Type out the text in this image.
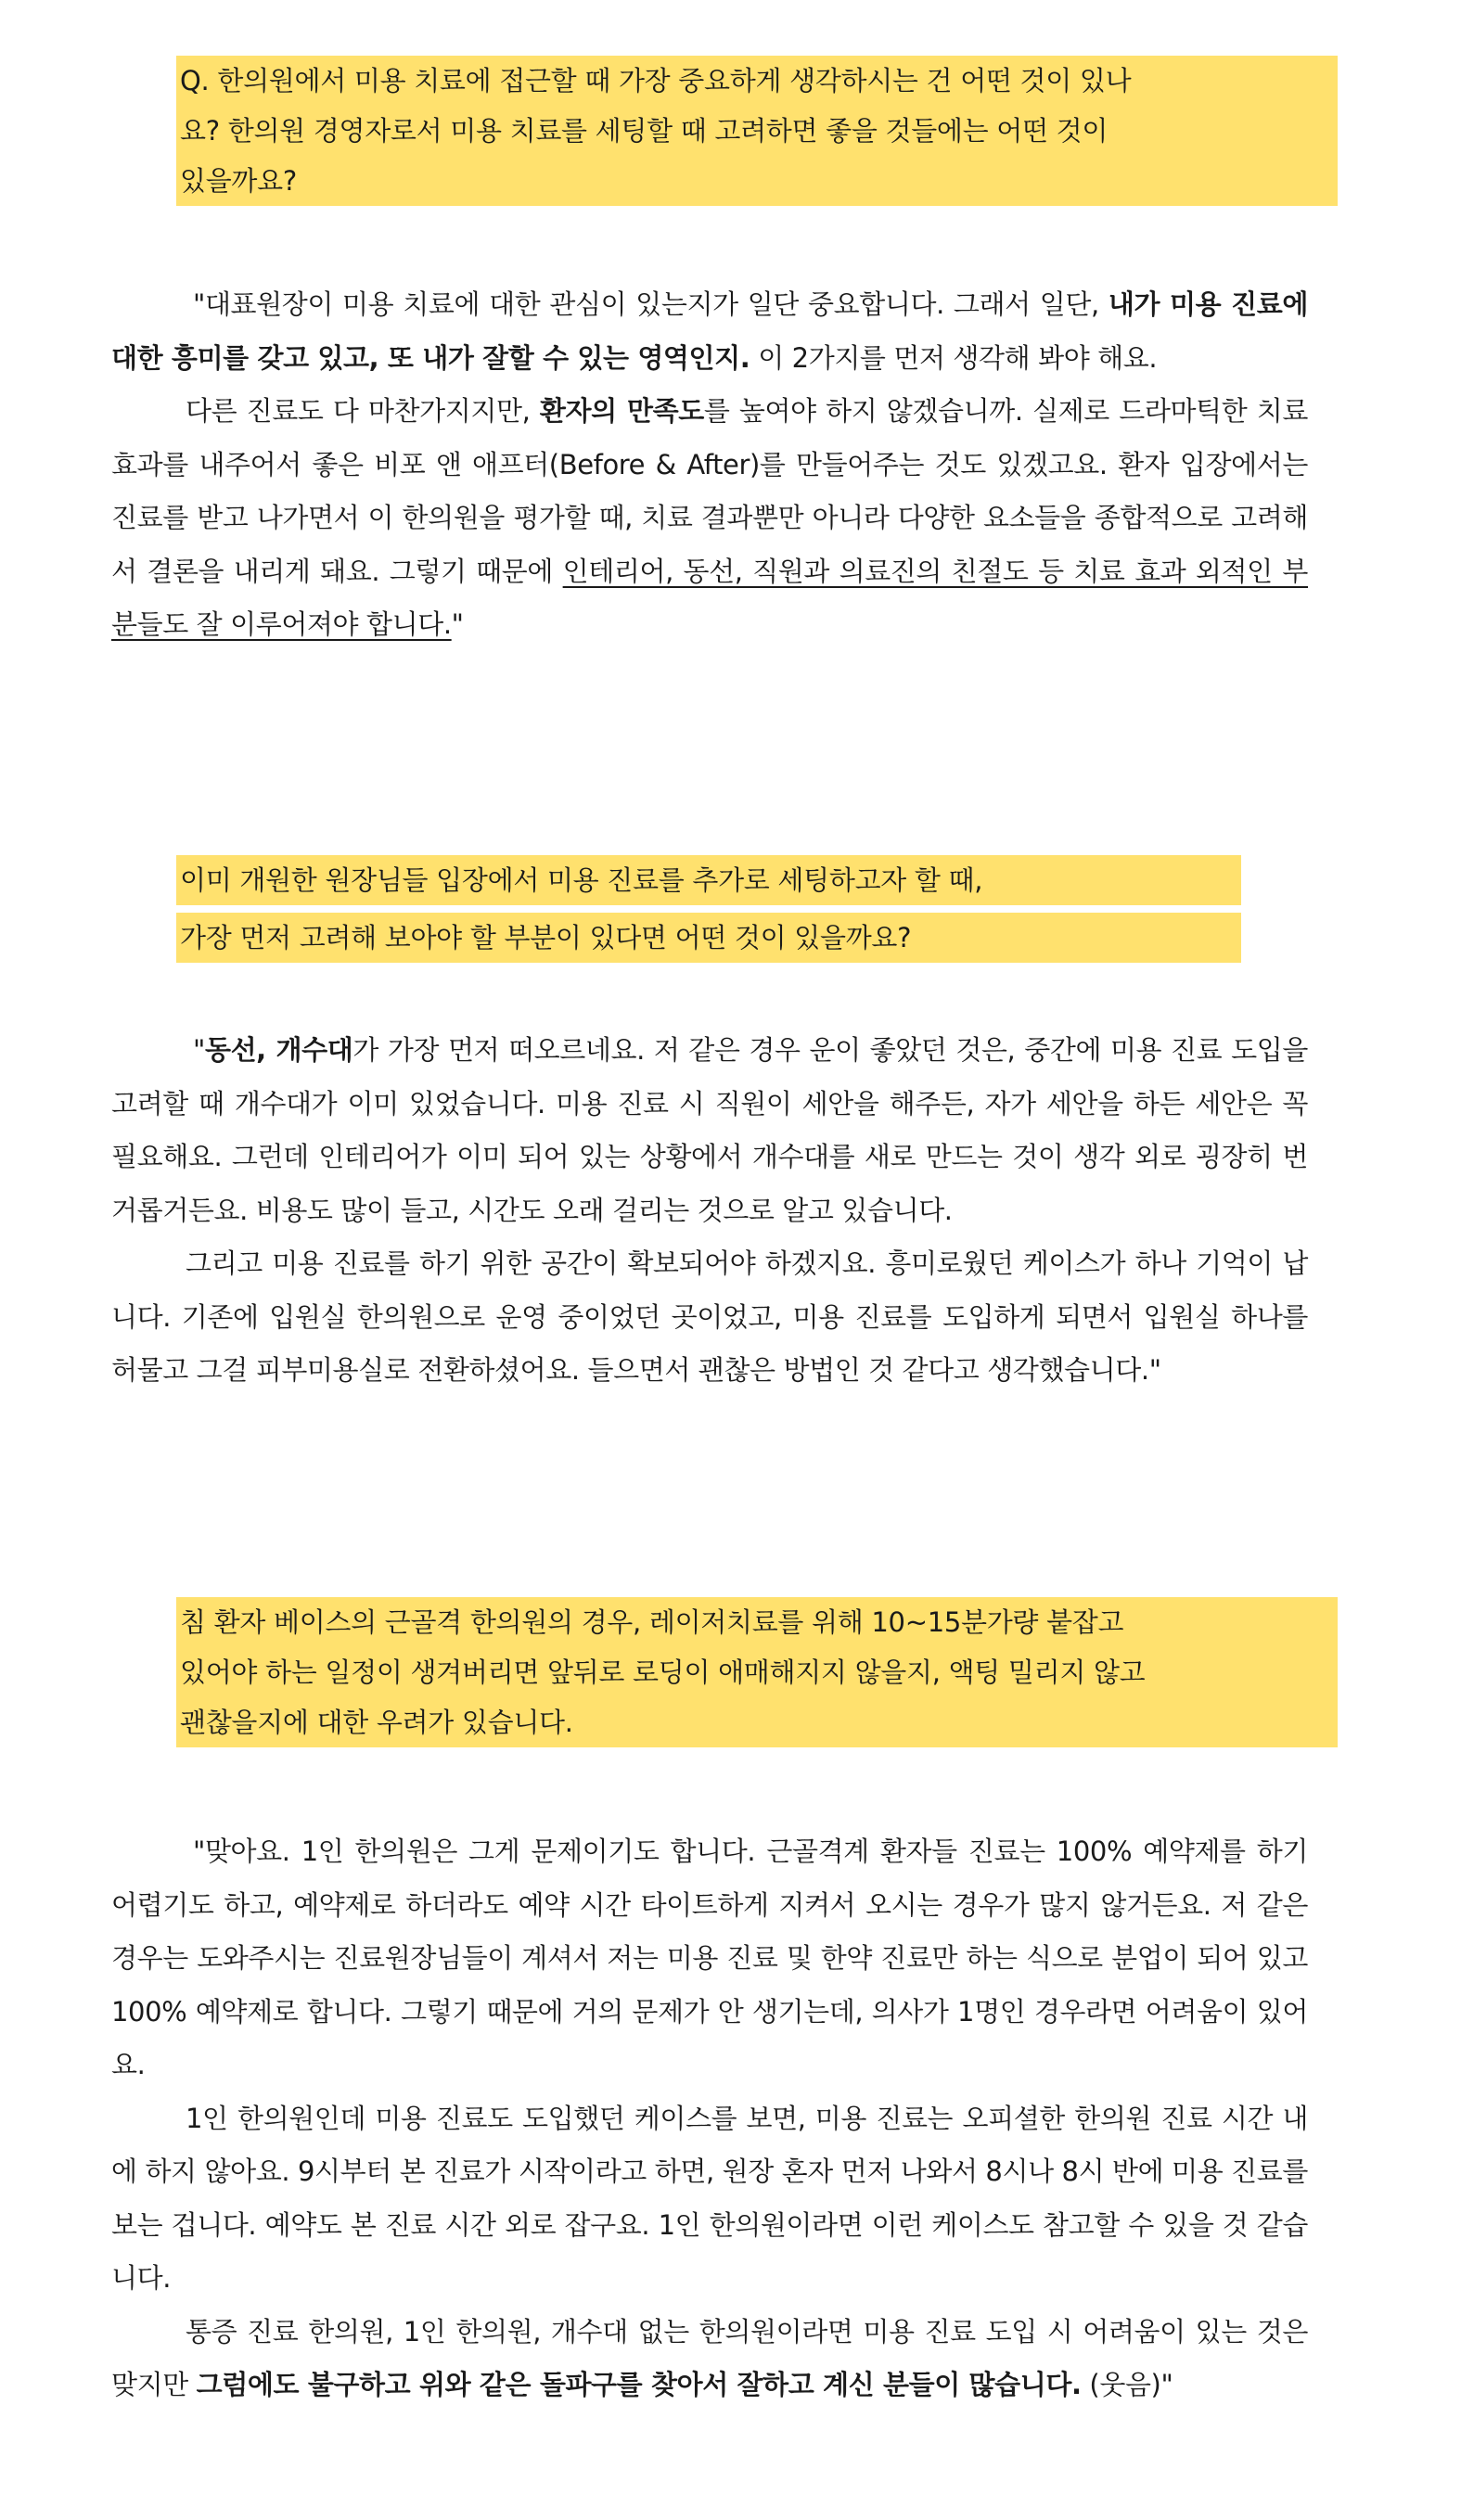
Q. 한의원에서 미용 치료에 접근할 때 가장 중요하게 생각하시는 건 어떤 것이 있나
요? 한의원 경영자로서 미용 치료를 세팅할 때 고려하면 좋을 것들에는 어떤 것이
있을까요?

"대표원장이 미용 치료에 대한 관심이 있는지가 일단 중요합니다. 그래서 일단, 내가 미용 진료에 대한 흥미를 갖고 있고, 또 내가 잘할 수 있는 영역인지. 이 2가지를 먼저 생각해 봐야 해요.

다른 진료도 다 마찬가지지만, 환자의 만족도를 높여야 하지 않겠습니까. 실제로 드라마틱한 치료 효과를 내주어서 좋은 비포 앤 애프터(Before & After)를 만들어주는 것도 있겠고요. 환자 입장에서는 진료를 받고 나가면서 이 한의원을 평가할 때, 치료 결과뿐만 아니라 다양한 요소들을 종합적으로 고려해서 결론을 내리게 돼요. 그렇기 때문에 인테리어, 동선, 직원과 의료진의 친절도 등 치료 효과 외적인 부분들도 잘 이루어져야 합니다."

이미 개원한 원장님들 입장에서 미용 진료를 추가로 세팅하고자 할 때,
가장 먼저 고려해 보아야 할 부분이 있다면 어떤 것이 있을까요?

"동선, 개수대가 가장 먼저 떠오르네요. 저 같은 경우 운이 좋았던 것은, 중간에 미용 진료 도입을 고려할 때 개수대가 이미 있었습니다. 미용 진료 시 직원이 세안을 해주든, 자가 세안을 하든 세안은 꼭 필요해요. 그런데 인테리어가 이미 되어 있는 상황에서 개수대를 새로 만드는 것이 생각 외로 굉장히 번거롭거든요. 비용도 많이 들고, 시간도 오래 걸리는 것으로 알고 있습니다.

그리고 미용 진료를 하기 위한 공간이 확보되어야 하겠지요. 흥미로웠던 케이스가 하나 기억이 납니다. 기존에 입원실 한의원으로 운영 중이었던 곳이었고, 미용 진료를 도입하게 되면서 입원실 하나를 허물고 그걸 피부미용실로 전환하셨어요. 들으면서 괜찮은 방법인 것 같다고 생각했습니다."

침 환자 베이스의 근골격 한의원의 경우, 레이저치료를 위해 10~15분가량 붙잡고
있어야 하는 일정이 생겨버리면 앞뒤로 로딩이 애매해지지 않을지, 액팅 밀리지 않고
괜찮을지에 대한 우려가 있습니다.

"맞아요. 1인 한의원은 그게 문제이기도 합니다. 근골격계 환자들 진료는 100% 예약제를 하기 어렵기도 하고, 예약제로 하더라도 예약 시간 타이트하게 지켜서 오시는 경우가 많지 않거든요. 저 같은 경우는 도와주시는 진료원장님들이 계셔서 저는 미용 진료 및 한약 진료만 하는 식으로 분업이 되어 있고 100% 예약제로 합니다. 그렇기 때문에 거의 문제가 안 생기는데, 의사가 1명인 경우라면 어려움이 있어요.

1인 한의원인데 미용 진료도 도입했던 케이스를 보면, 미용 진료는 오피셜한 한의원 진료 시간 내에 하지 않아요. 9시부터 본 진료가 시작이라고 하면, 원장 혼자 먼저 나와서 8시나 8시 반에 미용 진료를 보는 겁니다. 예약도 본 진료 시간 외로 잡구요. 1인 한의원이라면 이런 케이스도 참고할 수 있을 것 같습니다.

통증 진료 한의원, 1인 한의원, 개수대 없는 한의원이라면 미용 진료 도입 시 어려움이 있는 것은 맞지만 그럼에도 불구하고 위와 같은 돌파구를 찾아서 잘하고 계신 분들이 많습니다. (웃음)"
